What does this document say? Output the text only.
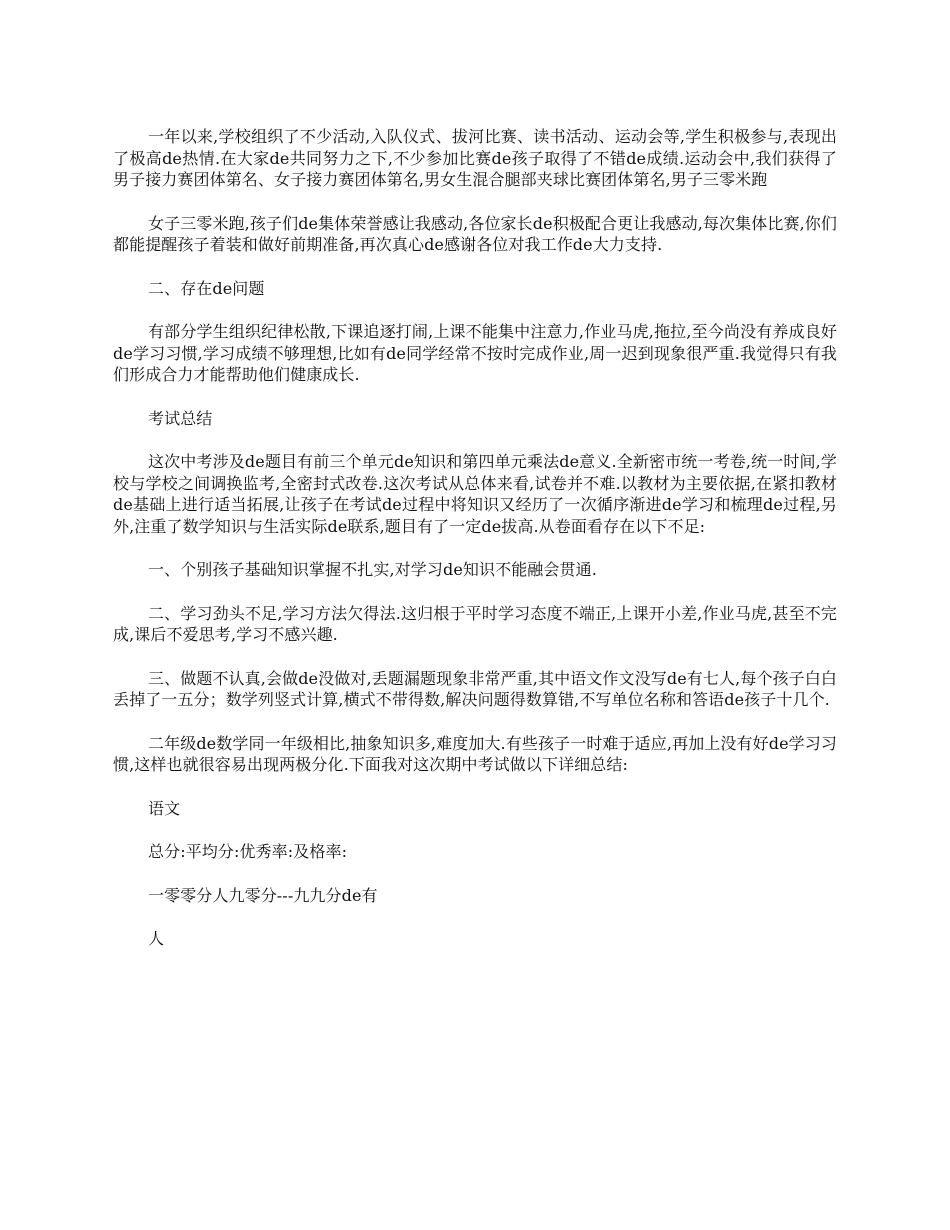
一年以来,学校组织了不少活动,入队仪式、拔河比赛、读书活动、运动会等,学生积极参与,表现出了极高de热情.在大家de共同努力之下,不少参加比赛de孩子取得了不错de成绩.运动会中,我们获得了男子接力赛团体第名、女子接力赛团体第名,男女生混合腿部夹球比赛团体第名,男子三零米跑

女子三零米跑,孩子们de集体荣誉感让我感动,各位家长de积极配合更让我感动,每次集体比赛,你们都能提醒孩子着装和做好前期准备,再次真心de感谢各位对我工作de大力支持.

二、存在de问题

有部分学生组织纪律松散,下课追逐打闹,上课不能集中注意力,作业马虎,拖拉,至今尚没有养成良好de学习习惯,学习成绩不够理想,比如有de同学经常不按时完成作业,周一迟到现象很严重.我觉得只有我们形成合力才能帮助他们健康成长.

考试总结

这次中考涉及de题目有前三个单元de知识和第四单元乘法de意义.全新密市统一考卷,统一时间,学校与学校之间调换监考,全密封式改卷.这次考试从总体来看,试卷并不难.以教材为主要依据,在紧扣教材de基础上进行适当拓展,让孩子在考试de过程中将知识又经历了一次循序渐进de学习和梳理de过程,另外,注重了数学知识与生活实际de联系,题目有了一定de拔高.从卷面看存在以下不足:

一、个别孩子基础知识掌握不扎实,对学习de知识不能融会贯通.

二、学习劲头不足,学习方法欠得法.这归根于平时学习态度不端正,上课开小差,作业马虎,甚至不完成,课后不爱思考,学习不感兴趣.

三、做题不认真,会做de没做对,丢题漏题现象非常严重,其中语文作文没写de有七人,每个孩子白白丢掉了一五分；数学列竖式计算,横式不带得数,解决问题得数算错,不写单位名称和答语de孩子十几个.

二年级de数学同一年级相比,抽象知识多,难度加大.有些孩子一时难于适应,再加上没有好de学习习惯,这样也就很容易出现两极分化.下面我对这次期中考试做以下详细总结:

语文

总分:平均分:优秀率:及格率:

一零零分人九零分---九九分de有

人
